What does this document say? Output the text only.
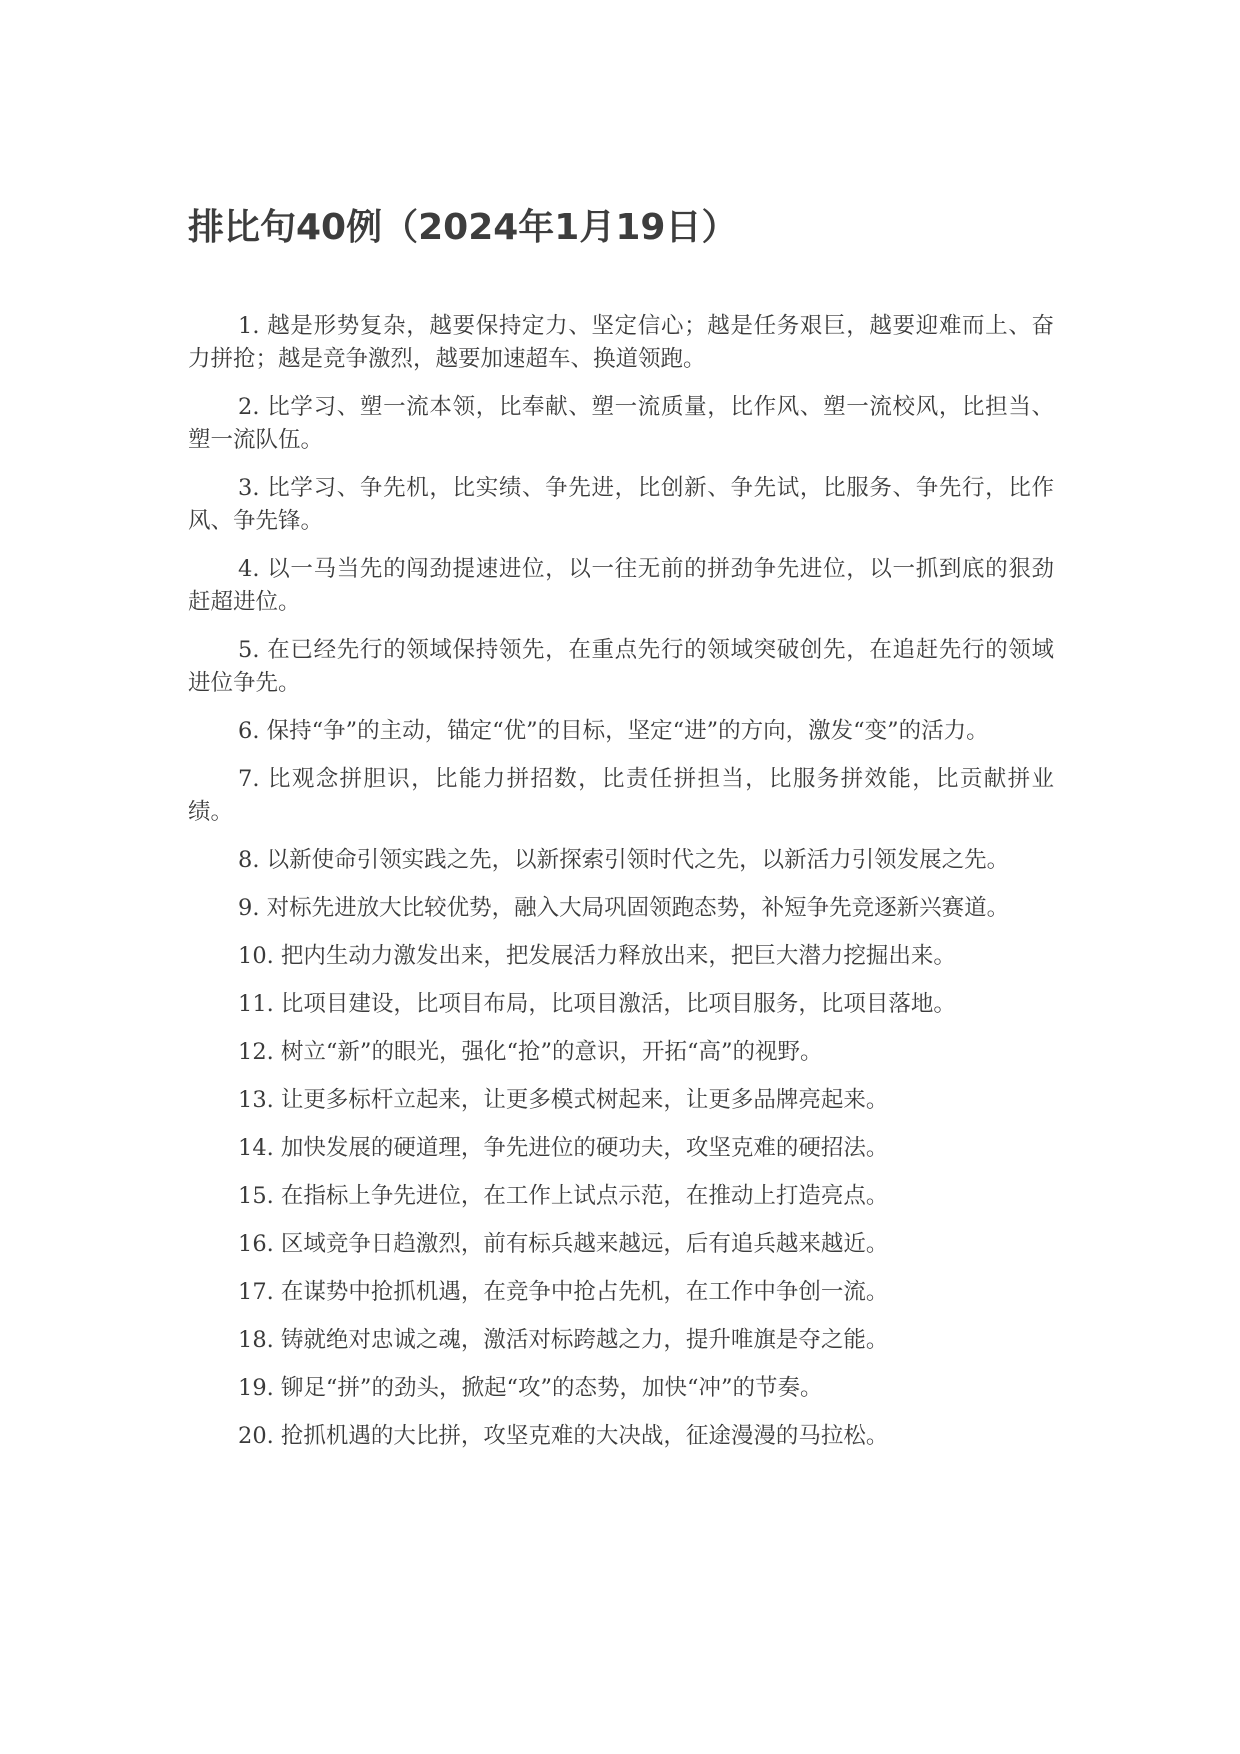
排比句40例（2024年1月19日）
1. 越是形势复杂，越要保持定力、坚定信心；越是任务艰巨，越要迎难而上、奋力拼抢；越是竞争激烈，越要加速超车、换道领跑。
2. 比学习、塑一流本领，比奉献、塑一流质量，比作风、塑一流校风，比担当、塑一流队伍。
3. 比学习、争先机，比实绩、争先进，比创新、争先试，比服务、争先行，比作风、争先锋。
4. 以一马当先的闯劲提速进位，以一往无前的拼劲争先进位，以一抓到底的狠劲赶超进位。
5. 在已经先行的领域保持领先，在重点先行的领域突破创先，在追赶先行的领域进位争先。
6. 保持“争”的主动，锚定“优”的目标，坚定“进”的方向，激发“变”的活力。
7. 比观念拼胆识，比能力拼招数，比责任拼担当，比服务拼效能，比贡献拼业绩。
8. 以新使命引领实践之先，以新探索引领时代之先，以新活力引领发展之先。
9. 对标先进放大比较优势，融入大局巩固领跑态势，补短争先竞逐新兴赛道。
10. 把内生动力激发出来，把发展活力释放出来，把巨大潜力挖掘出来。
11. 比项目建设，比项目布局，比项目激活，比项目服务，比项目落地。
12. 树立“新”的眼光，强化“抢”的意识，开拓“高”的视野。
13. 让更多标杆立起来，让更多模式树起来，让更多品牌亮起来。
14. 加快发展的硬道理，争先进位的硬功夫，攻坚克难的硬招法。
15. 在指标上争先进位，在工作上试点示范，在推动上打造亮点。
16. 区域竞争日趋激烈，前有标兵越来越远，后有追兵越来越近。
17. 在谋势中抢抓机遇，在竞争中抢占先机，在工作中争创一流。
18. 铸就绝对忠诚之魂，激活对标跨越之力，提升唯旗是夺之能。
19. 铆足“拼”的劲头，掀起“攻”的态势，加快“冲”的节奏。
20. 抢抓机遇的大比拼，攻坚克难的大决战，征途漫漫的马拉松。
